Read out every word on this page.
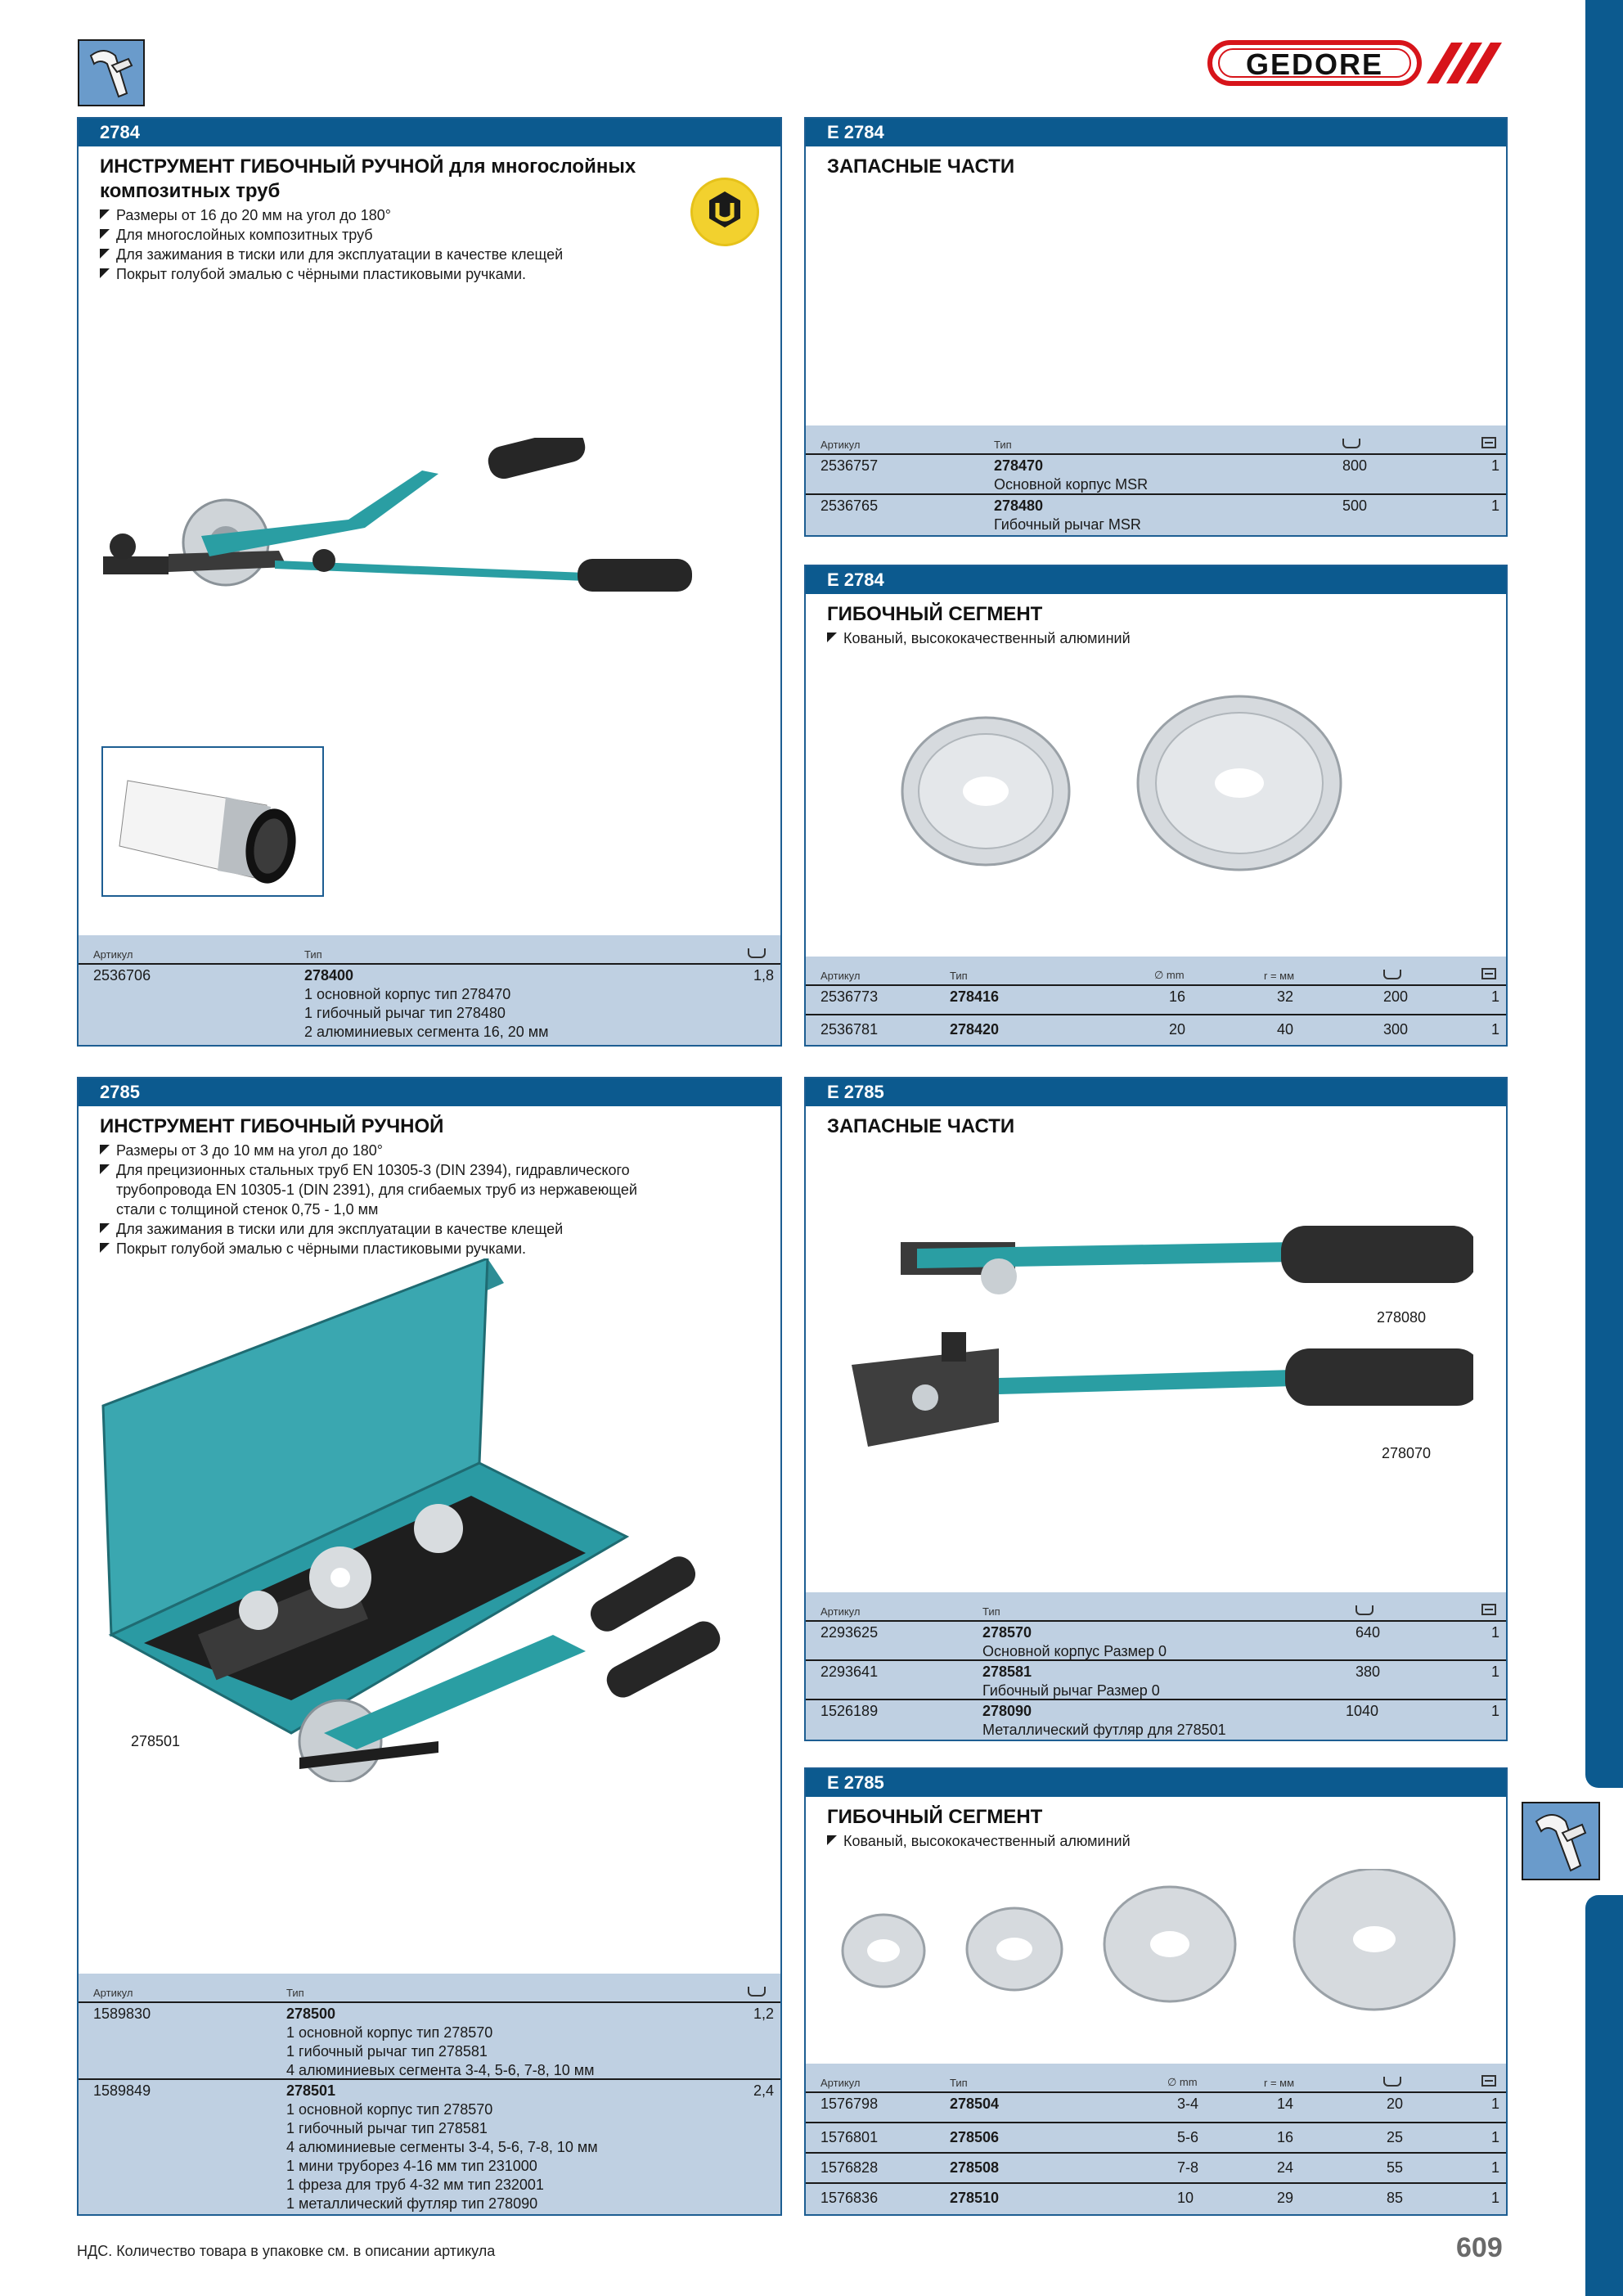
GEDORE
2784
ИНСТРУМЕНТ ГИБОЧНЫЙ РУЧНОЙ для многослойных композитных труб
Размеры от 16 до 20 мм на угол до 180°
Для многослойных композитных труб
Для зажимания в тиски или для эксплуатации в качестве клещей
Покрыт голубой эмалью с чёрными пластиковыми ручками.
Артикул	Тип
2536706	278400
1 основной корпус тип 278470
1 гибочный рычаг тип 278480
2 алюминиевых сегмента 16, 20 мм
1,8
E 2784
ЗАПАСНЫЕ ЧАСТИ
Артикул	Тип
2536757	278470
Основной корпус MSR
800	1
2536765	278480
Гибочный рычаг MSR
500	1
E 2784
ГИБОЧНЫЙ СЕГМЕНТ
Кованый, высококачественный алюминий
Артикул	Тип	∅ mm	r = мм
2536773	278416	16	32	200	1
2536781	278420	20	40	300	1
2785
ИНСТРУМЕНТ ГИБОЧНЫЙ РУЧНОЙ
Размеры от 3 до 10 мм на угол до 180°
Для прецизионных стальных труб EN 10305-3 (DIN 2394), гидравлического трубопровода EN 10305-1 (DIN 2391), для сгибаемых труб из нержавеющей стали с толщиной стенок 0,75 - 1,0 мм
Для зажимания в тиски или для эксплуатации в качестве клещей
Покрыт голубой эмалью с чёрными пластиковыми ручками.
278501
Артикул	Тип
1589830	278500
1 основной корпус тип 278570
1 гибочный рычаг тип 278581
4 алюминиевых сегмента 3-4, 5-6, 7-8, 10 мм
1,2
1589849	278501
1 основной корпус тип 278570
1 гибочный рычаг тип 278581
4 алюминиевые сегменты 3-4, 5-6, 7-8, 10 мм
1 мини труборез 4-16 мм тип 231000
1 фреза для труб 4-32 мм тип 232001
1 металлический футляр тип 278090
2,4
E 2785
ЗАПАСНЫЕ ЧАСТИ
278080
278070
Артикул	Тип
2293625	278570
Основной корпус Размер 0
640	1
2293641	278581
Гибочный рычаг Размер 0
380	1
1526189	278090
Металлический футляр для 278501
1040	1
E 2785
ГИБОЧНЫЙ СЕГМЕНТ
Кованый, высококачественный алюминий
Артикул	Тип	∅ mm	r = мм
1576798	278504	3-4	14	20	1
1576801	278506	5-6	16	25	1
1576828	278508	7-8	24	55	1
1576836	278510	10	29	85	1
НДС. Количество товара в упаковке см. в описании артикула	609
